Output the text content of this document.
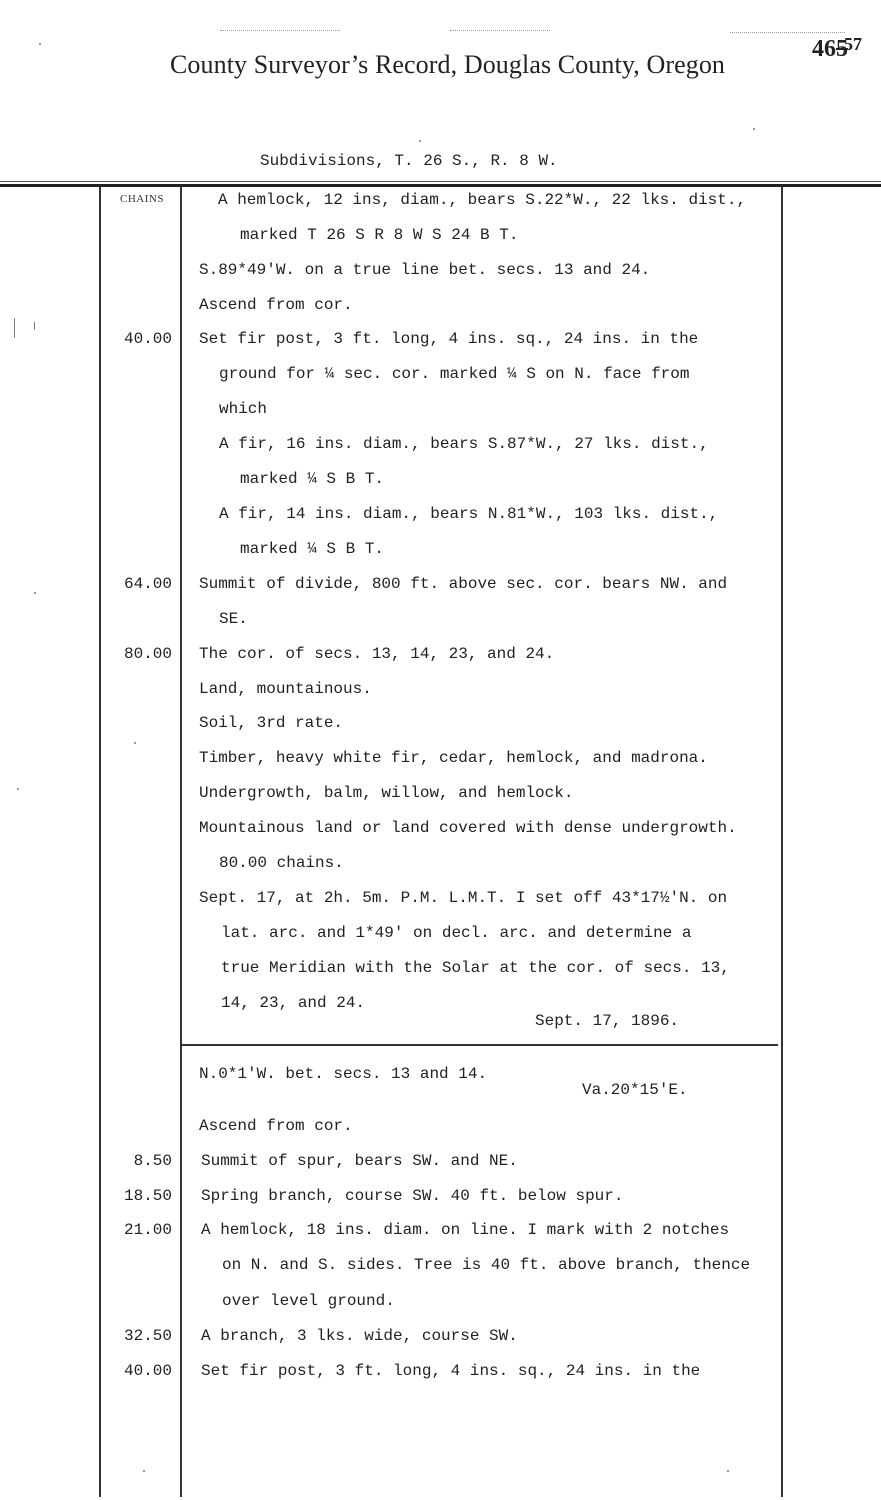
County Surveyor’s Record, Douglas County, Oregon
$465^{57}$
Subdivisions, T. 26 S., R. 8 W.
CHAINS	A hemlock, 12 ins, diam., bears S.22*W., 22 lks. dist.,
marked T 26 S R 8 W S 24 B T.
S.89*49'W. on a true line bet. secs. 13 and 24.
Ascend from cor.
Set fir post, 3 ft. long, 4 ins. sq., 24 ins. in the
ground for ¼ sec. cor. marked ¼ S on N. face from
which
A fir, 16 ins. diam., bears S.87*W., 27 lks. dist.,
marked ¼ S B T.
A fir, 14 ins. diam., bears N.81*W., 103 lks. dist.,
marked ¼ S B T.
Summit of divide, 800 ft. above sec. cor. bears NW. and
SE.
The cor. of secs. 13, 14, 23, and 24.
Land, mountainous.
Soil, 3rd rate.
Timber, heavy white fir, cedar, hemlock, and madrona.
Undergrowth, balm, willow, and hemlock.
Mountainous land or land covered with dense undergrowth.
80.00 chains.
Sept. 17, at 2h. 5m. P.M. L.M.T. I set off 43*17½'N. on
lat. arc. and 1*49' on decl. arc. and determine a
true Meridian with the Solar at the cor. of secs. 13,
14, 23, and 24.
Sept. 17, 1896.
40.00
64.00
80.00
N.0*1'W. bet. secs. 13 and 14.
Va.20*15'E.
Ascend from cor.
Summit of spur, bears SW. and NE.
Spring branch, course SW. 40 ft. below spur.
A hemlock, 18 ins. diam. on line. I mark with 2 notches
on N. and S. sides. Tree is 40 ft. above branch, thence
over level ground.
A branch, 3 lks. wide, course SW.
Set fir post, 3 ft. long, 4 ins. sq., 24 ins. in the
8.50
18.50
21.00
32.50
40.00
